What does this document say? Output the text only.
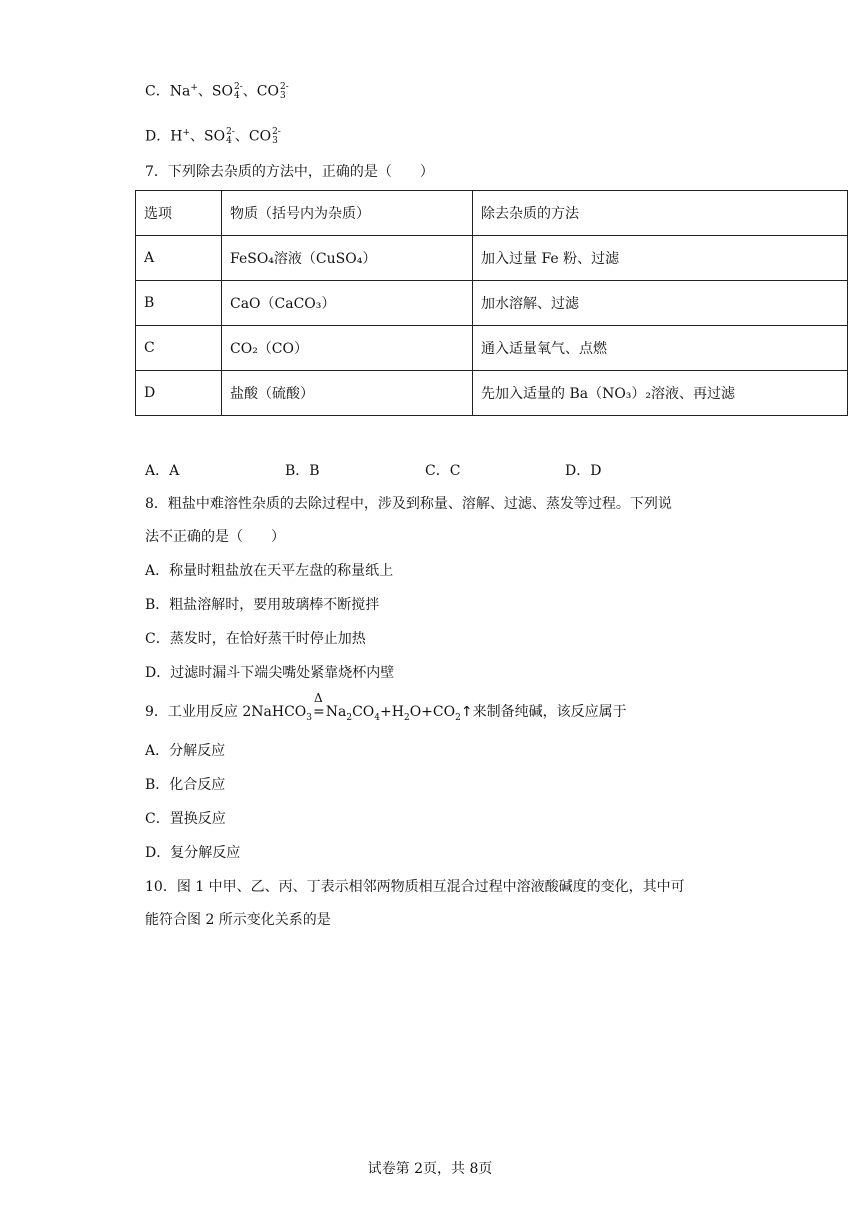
C．Na+、SO 2-
4 、CO 2-
3
D．H+、SO 2-
4 、CO 2-
3
7．下列除去杂质的方法中，正确的是（　　）
选项	物质（括号内为杂质）	除去杂质的方法
A	FeSO₄溶液（CuSO₄）	加入过量 Fe 粉、过滤
B	CaO（CaCO₃）	加水溶解、过滤
C	CO₂（CO）	通入适量氧气、点燃
D	盐酸（硫酸）	先加入适量的 Ba（NO₃）₂溶液、再过滤
A．A	B．B	C．C	D．D
8．粗盐中难溶性杂质的去除过程中，涉及到称量、溶解、过滤、蒸发等过程。下列说
法不正确的是（　　）
A．称量时粗盐放在天平左盘的称量纸上
B．粗盐溶解时，要用玻璃棒不断搅拌
C．蒸发时，在恰好蒸干时停止加热
D．过滤时漏斗下端尖嘴处紧靠烧杯内壁
9．工业用反应 2NaHCO$_3$
Δ
$=Na_2CO_4+H_2O+CO_2↑$来制备纯碱，该反应属于
A．分解反应
B．化合反应
C．置换反应
D．复分解反应
10．图 1 中甲、乙、丙、丁表示相邻两物质相互混合过程中溶液酸碱度的变化，其中可
能符合图 2 所示变化关系的是
试卷第 2页，共 8页
